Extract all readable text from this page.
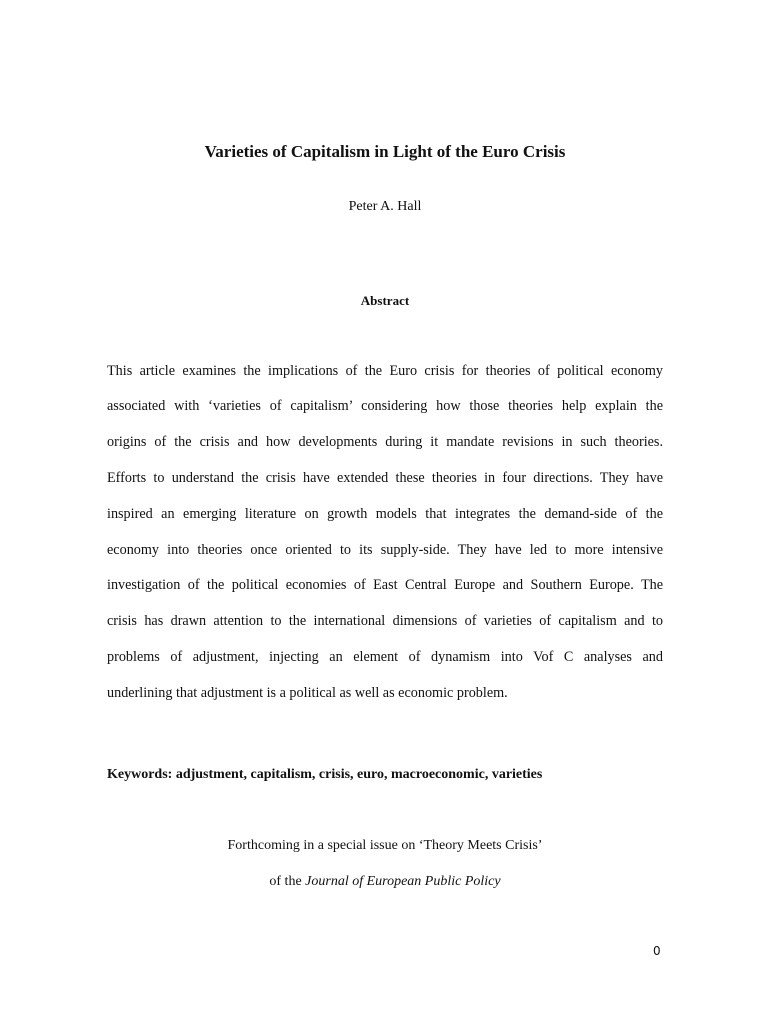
Varieties of Capitalism in Light of the Euro Crisis
Peter A. Hall
Abstract
This article examines the implications of the Euro crisis for theories of political economy
associated with ‘varieties of capitalism’ considering how those theories help explain the
origins of the crisis and how developments during it mandate revisions in such theories.
Efforts to understand the crisis have extended these theories in four directions. They have
inspired an emerging literature on growth models that integrates the demand-side of the
economy into theories once oriented to its supply-side. They have led to more intensive
investigation of the political economies of East Central Europe and Southern Europe. The
crisis has drawn attention to the international dimensions of varieties of capitalism and to
problems of adjustment, injecting an element of dynamism into Vof C analyses and
underlining that adjustment is a political as well as economic problem.
Keywords: adjustment, capitalism, crisis, euro, macroeconomic, varieties
Forthcoming in a special issue on ‘Theory Meets Crisis’
of the Journal of European Public Policy
0
